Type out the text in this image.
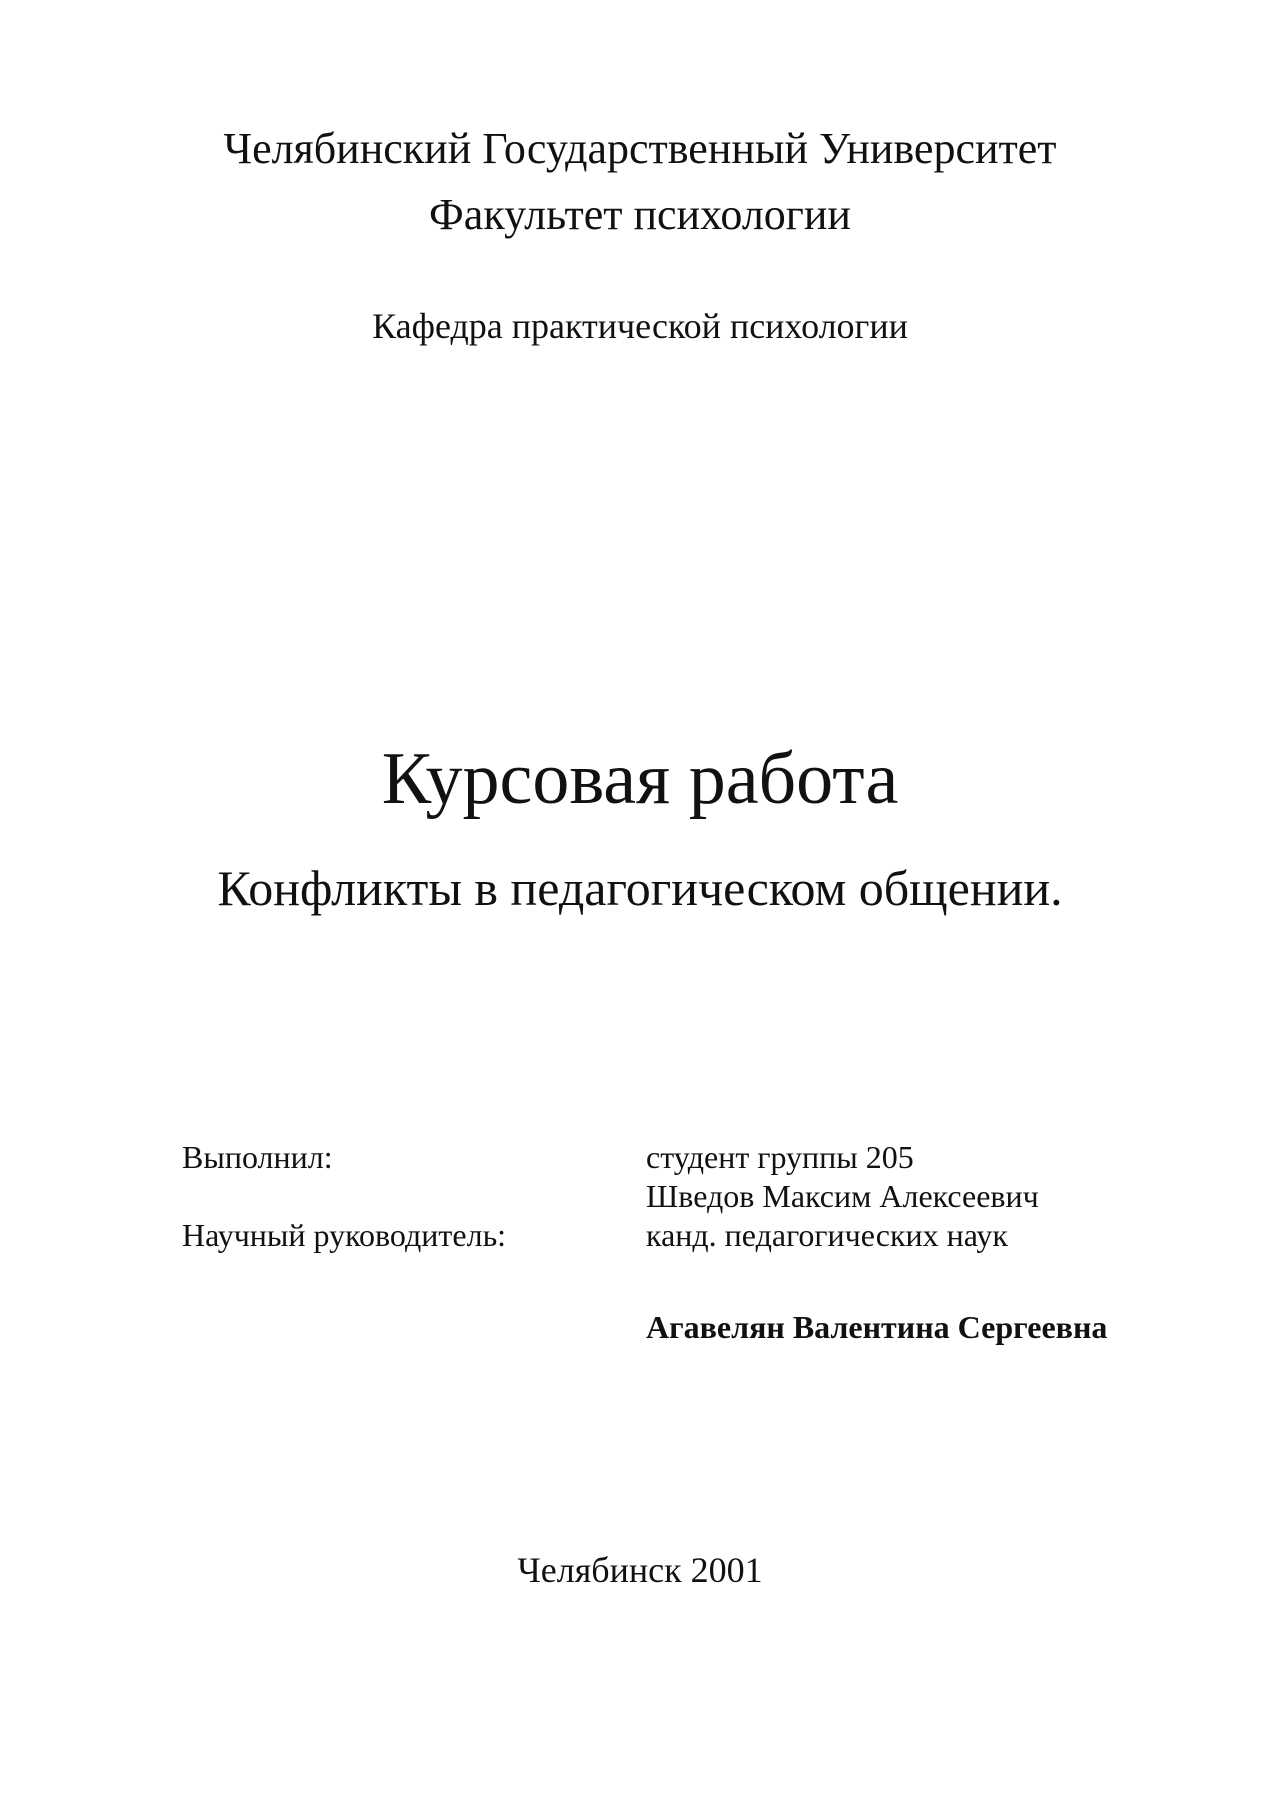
Челябинский Государственный Университет
Факультет психологии
Кафедра практической психологии
Курсовая работа
Конфликты в педагогическом общении.
Выполнил:	студент группы 205
Шведов Максим Алексеевич
Научный руководитель:	канд. педагогических наук
Агавелян Валентина Сергеевна
Челябинск 2001
